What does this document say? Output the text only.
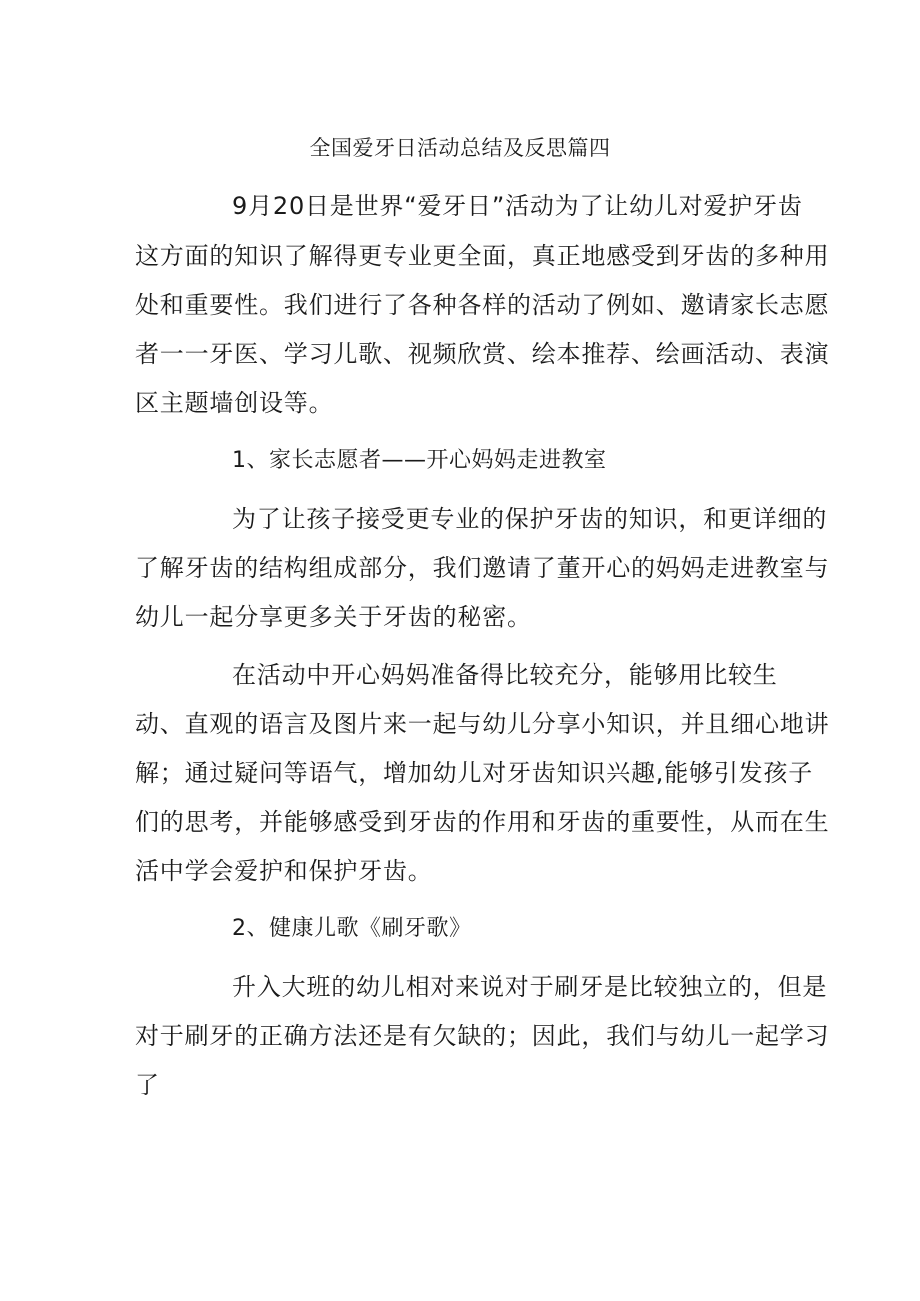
全国爱牙日活动总结及反思篇四
9月20日是世界“爱牙日”活动为了让幼儿对爱护牙齿
这方面的知识了解得更专业更全面，真正地感受到牙齿的多种用
处和重要性。我们进行了各种各样的活动了例如、邀请家长志愿
者一一牙医、学习儿歌、视频欣赏、绘本推荐、绘画活动、表演
区主题墙创设等。
1、家长志愿者——开心妈妈走进教室
为了让孩子接受更专业的保护牙齿的知识，和更详细的
了解牙齿的结构组成部分，我们邀请了董开心的妈妈走进教室与
幼儿一起分享更多关于牙齿的秘密。
在活动中开心妈妈准备得比较充分，能够用比较生
动、直观的语言及图片来一起与幼儿分享小知识，并且细心地讲
解；通过疑问等语气，增加幼儿对牙齿知识兴趣,能够引发孩子
们的思考，并能够感受到牙齿的作用和牙齿的重要性，从而在生
活中学会爱护和保护牙齿。
2、健康儿歌《刷牙歌》
升入大班的幼儿相对来说对于刷牙是比较独立的，但是
对于刷牙的正确方法还是有欠缺的；因此，我们与幼儿一起学习
了
